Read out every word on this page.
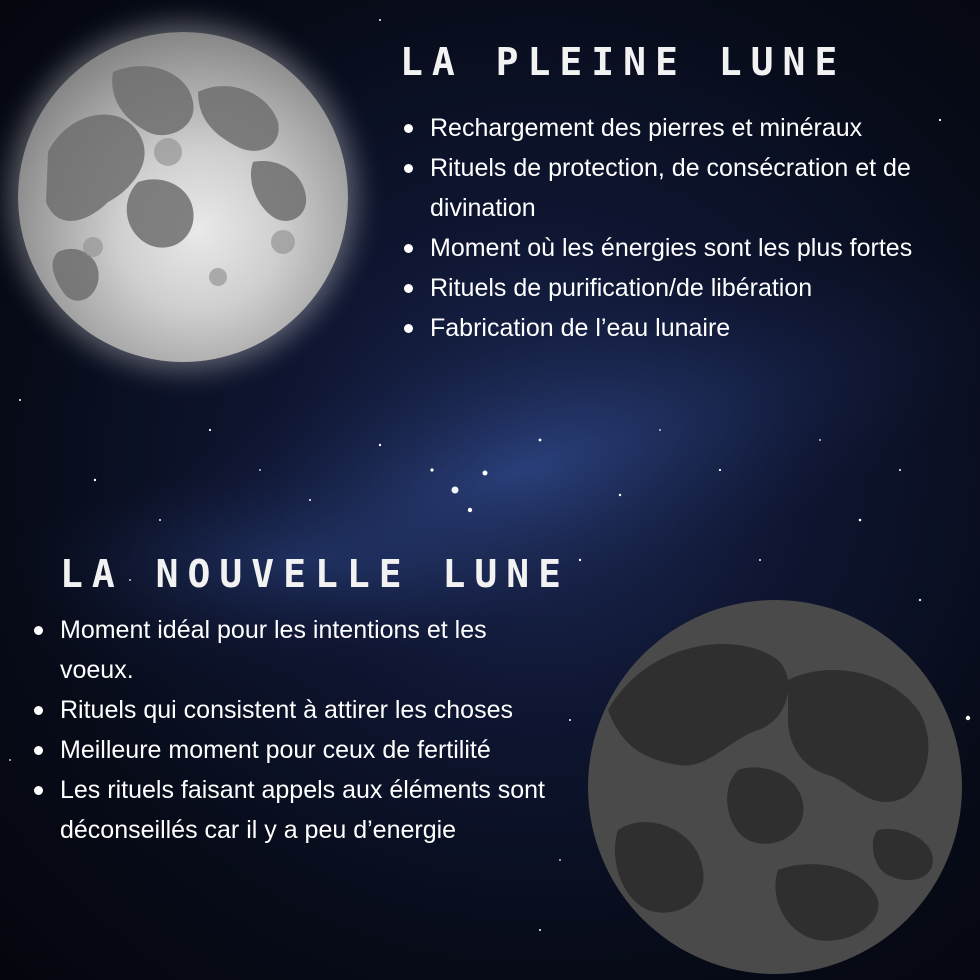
LA PLEINE LUNE
Rechargement des pierres et minéraux
Rituels de protection, de consécration et de divination
Moment où les énergies sont les plus fortes
Rituels de purification/de libération
Fabrication de l’eau lunaire
LA NOUVELLE LUNE
Moment idéal pour les intentions et les voeux.
Rituels qui consistent à attirer les choses
Meilleure moment pour ceux de fertilité
Les rituels faisant appels aux éléments sont déconseillés car il y a peu d’energie
